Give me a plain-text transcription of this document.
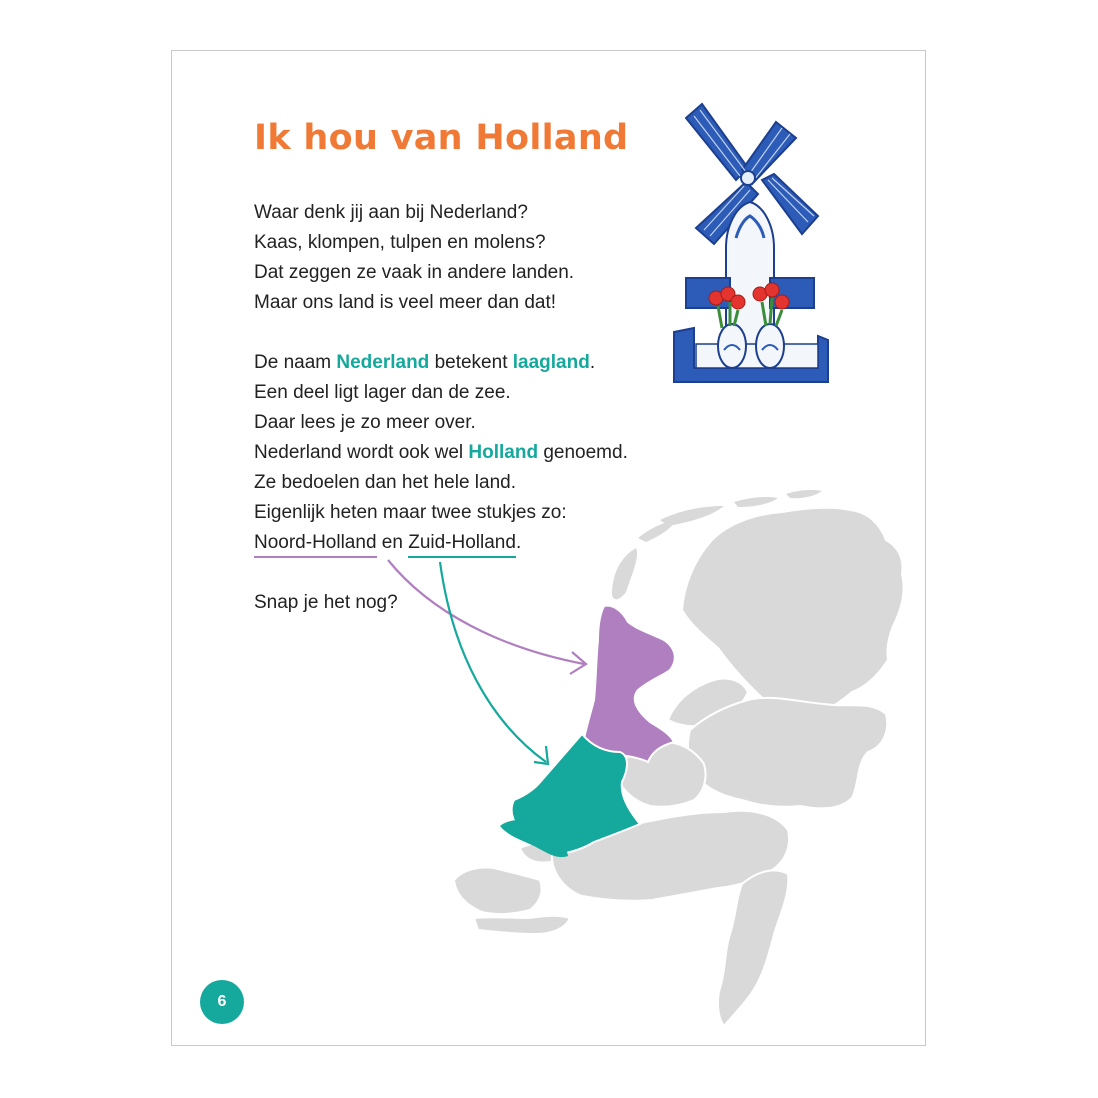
Ik hou van Holland
Waar denk jij aan bij Nederland?
Kaas, klompen, tulpen en molens?
Dat zeggen ze vaak in andere landen.
Maar ons land is veel meer dan dat!
De naam Nederland betekent laagland.
Een deel ligt lager dan de zee.
Daar lees je zo meer over.
Nederland wordt ook wel Holland genoemd.
Ze bedoelen dan het hele land.
Eigenlijk heten maar twee stukjes zo:
Noord-Holland en Zuid-Holland.
Snap je het nog?
6
